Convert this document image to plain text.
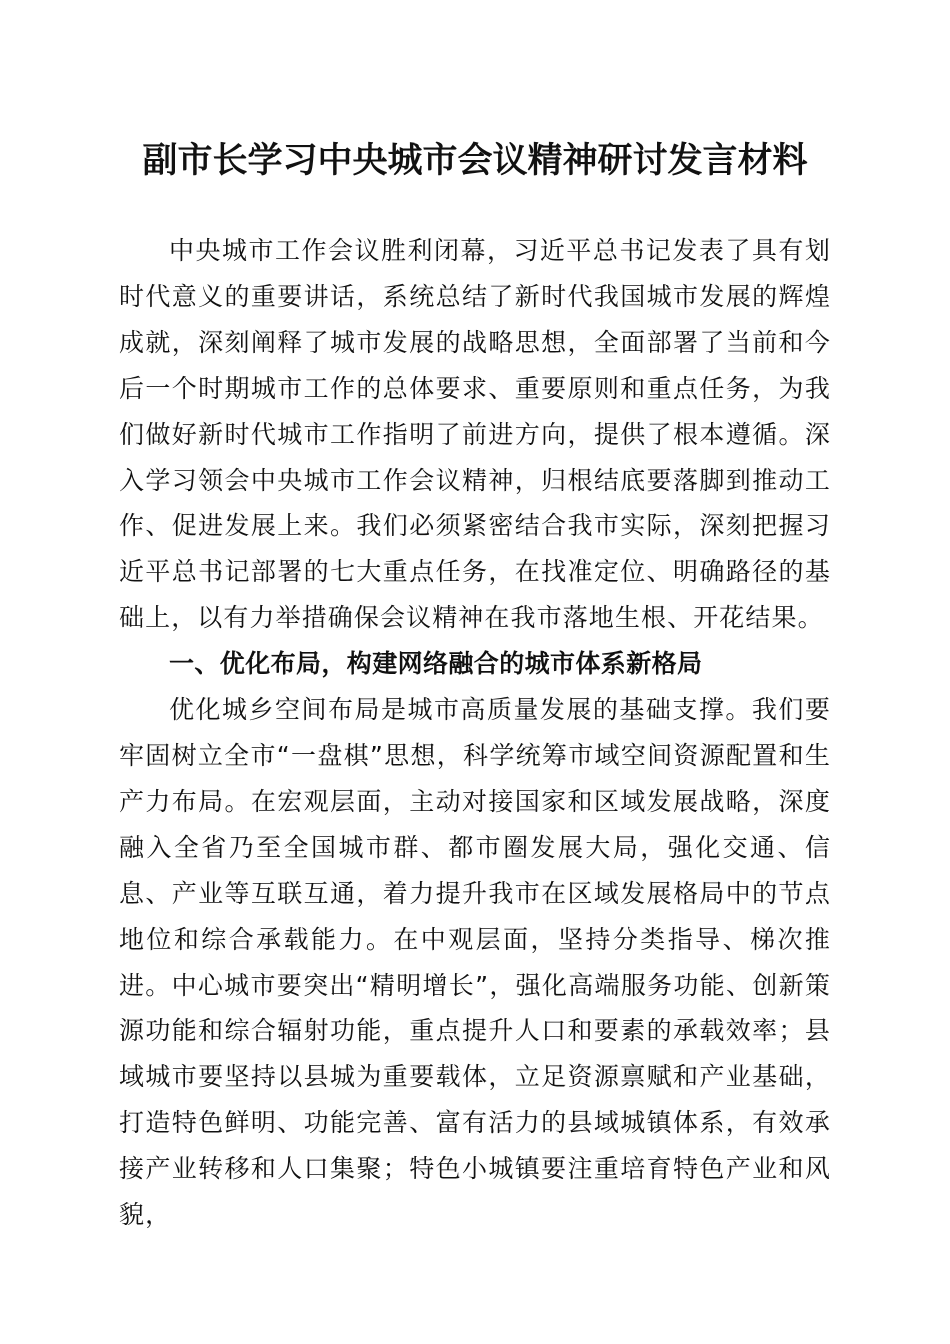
副市长学习中央城市会议精神研讨发言材料

中央城市工作会议胜利闭幕，习近平总书记发表了具有划时代意义的重要讲话，系统总结了新时代我国城市发展的辉煌成就，深刻阐释了城市发展的战略思想，全面部署了当前和今后一个时期城市工作的总体要求、重要原则和重点任务，为我们做好新时代城市工作指明了前进方向，提供了根本遵循。深入学习领会中央城市工作会议精神，归根结底要落脚到推动工作、促进发展上来。我们必须紧密结合我市实际，深刻把握习近平总书记部署的七大重点任务，在找准定位、明确路径的基础上，以有力举措确保会议精神在我市落地生根、开花结果。

一、优化布局，构建网络融合的城市体系新格局

优化城乡空间布局是城市高质量发展的基础支撑。我们要牢固树立全市“一盘棋”思想，科学统筹市域空间资源配置和生产力布局。在宏观层面，主动对接国家和区域发展战略，深度融入全省乃至全国城市群、都市圈发展大局，强化交通、信息、产业等互联互通，着力提升我市在区域发展格局中的节点地位和综合承载能力。在中观层面，坚持分类指导、梯次推进。中心城市要突出“精明增长”，强化高端服务功能、创新策源功能和综合辐射功能，重点提升人口和要素的承载效率；县域城市要坚持以县城为重要载体，立足资源禀赋和产业基础，打造特色鲜明、功能完善、富有活力的县域城镇体系，有效承接产业转移和人口集聚；特色小城镇要注重培育特色产业和风貌，
